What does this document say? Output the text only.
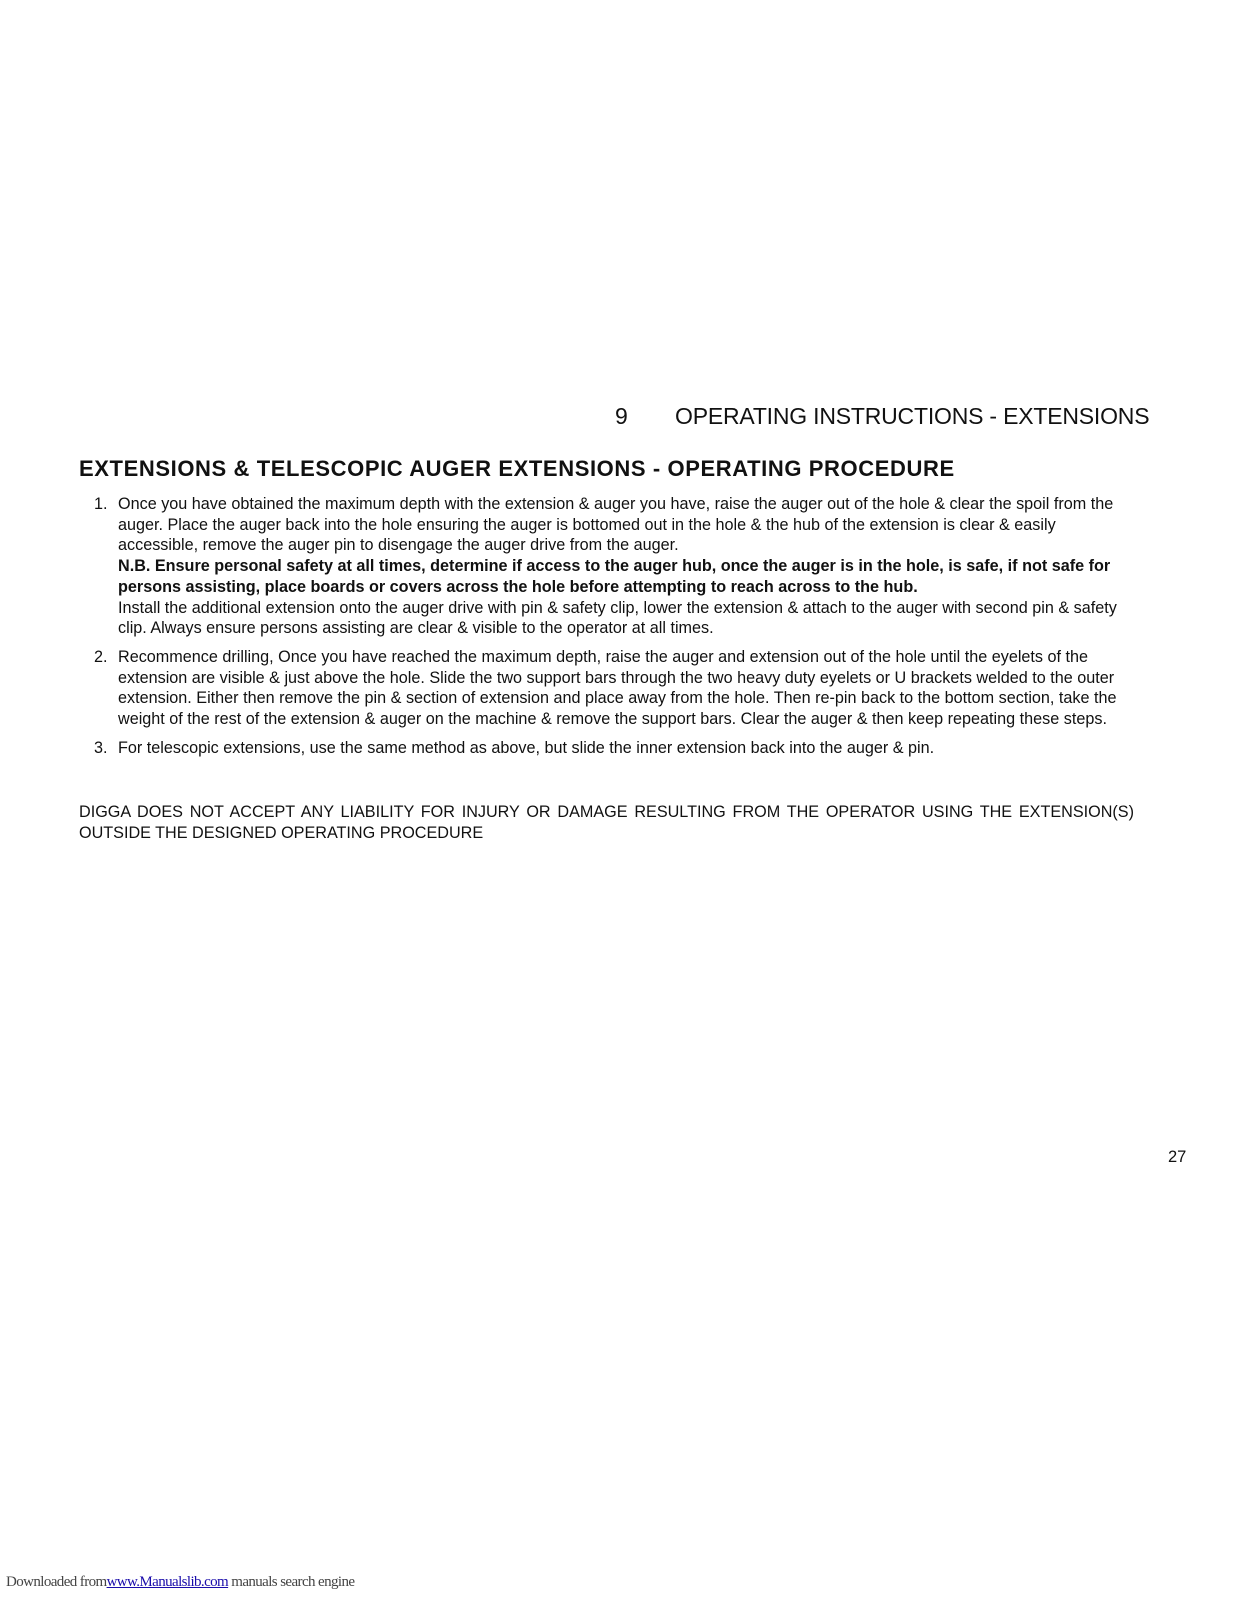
9 OPERATING INSTRUCTIONS - EXTENSIONS
EXTENSIONS & TELESCOPIC AUGER EXTENSIONS - OPERATING PROCEDURE
1. Once you have obtained the maximum depth with the extension & auger you have, raise the auger out of the hole & clear the spoil from the auger. Place the auger back into the hole ensuring the auger is bottomed out in the hole & the hub of the extension is clear & easily accessible, remove the auger pin to disengage the auger drive from the auger.

N.B. Ensure personal safety at all times, determine if access to the auger hub, once the auger is in the hole, is safe, if not safe for persons assisting, place boards or covers across the hole before attempting to reach across to the hub.

Install the additional extension onto the auger drive with pin & safety clip, lower the extension & attach to the auger with second pin & safety clip. Always ensure persons assisting are clear & visible to the operator at all times.

2. Recommence drilling, Once you have reached the maximum depth, raise the auger and extension out of the hole until the eyelets of the extension are visible & just above the hole. Slide the two support bars through the two heavy duty eyelets or U brackets welded to the outer extension. Either then remove the pin & section of extension and place away from the hole. Then re-pin back to the bottom section, take the weight of the rest of the extension & auger on the machine & remove the support bars. Clear the auger & then keep repeating these steps.

3. For telescopic extensions, use the same method as above, but slide the inner extension back into the auger & pin.

DIGGA DOES NOT ACCEPT ANY LIABILITY FOR INJURY OR DAMAGE RESULTING FROM THE OPERATOR USING THE EXTENSION(S) OUTSIDE THE DESIGNED OPERATING PROCEDURE

27
Downloaded fromwww.Manualslib.com manuals search engine
